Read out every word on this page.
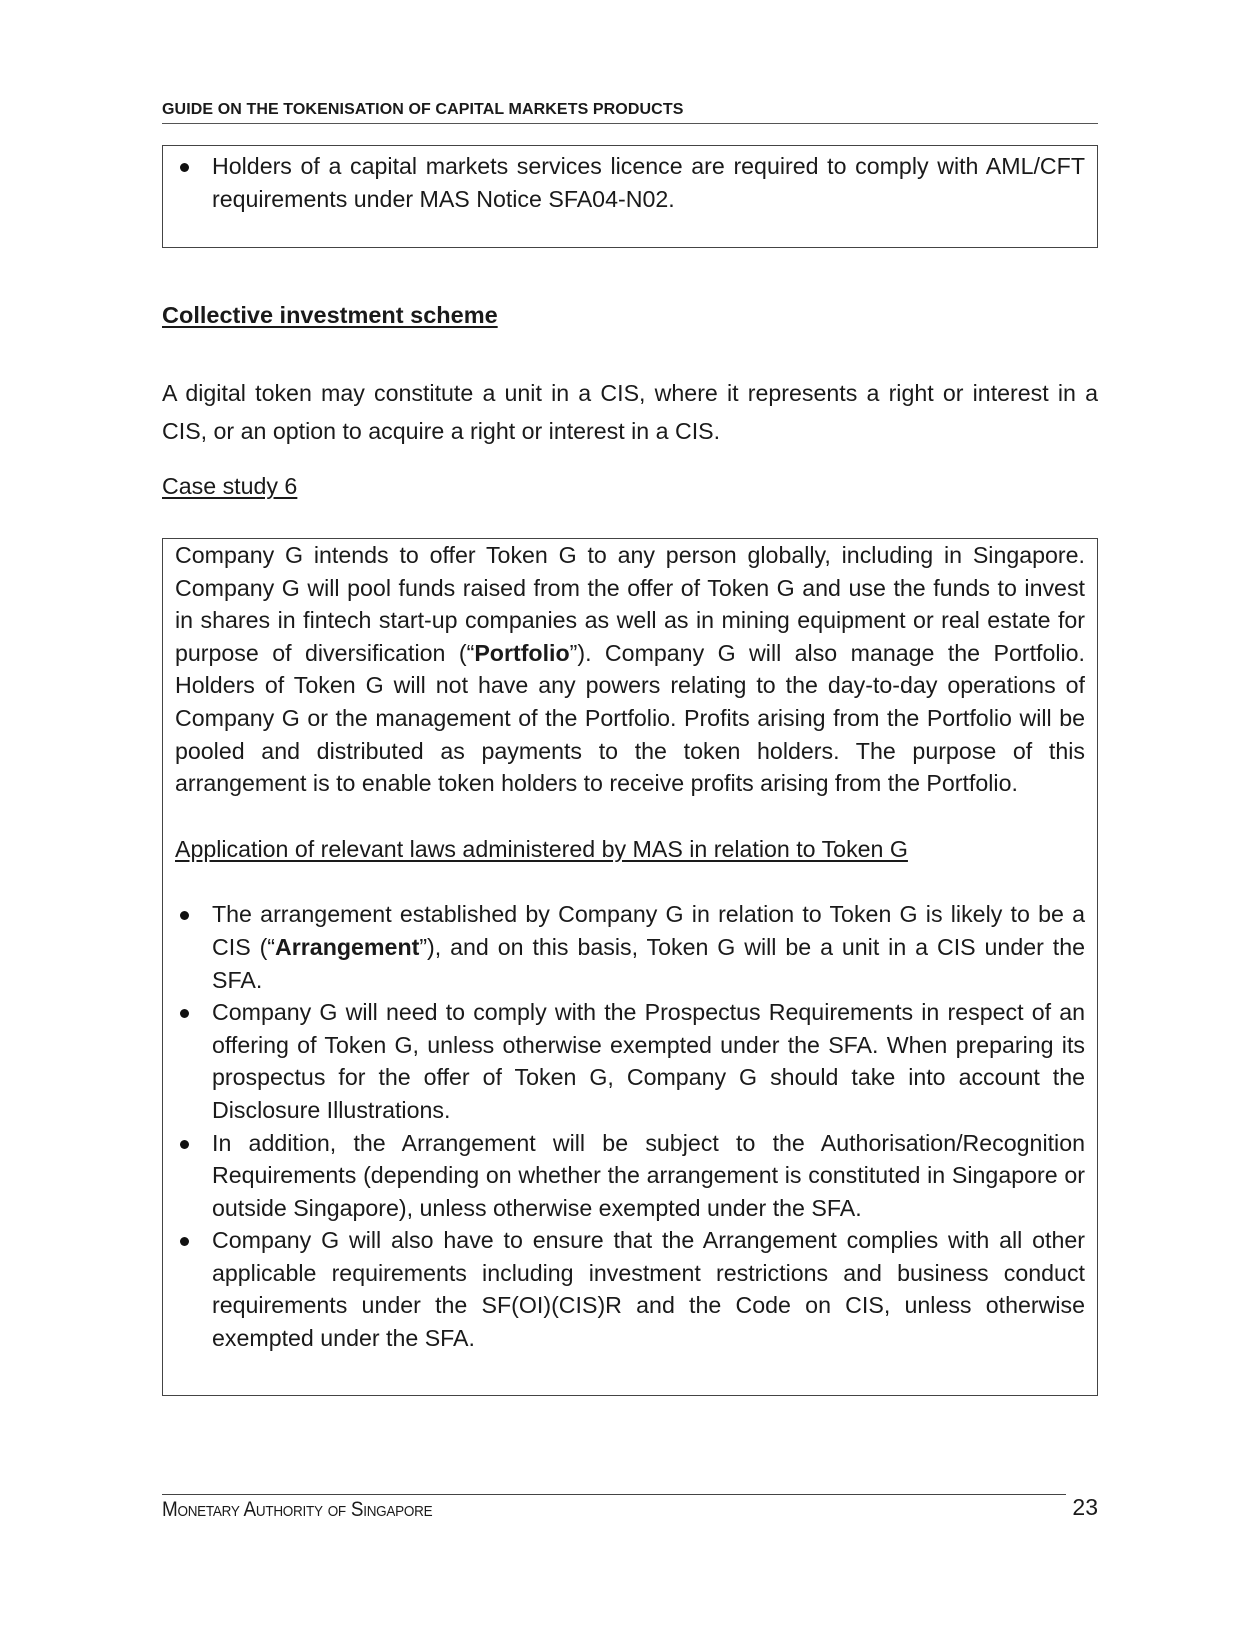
GUIDE ON THE TOKENISATION OF CAPITAL MARKETS PRODUCTS
Holders of a capital markets services licence are required to comply with AML/CFT requirements under MAS Notice SFA04-N02.
Collective investment scheme
A digital token may constitute a unit in a CIS, where it represents a right or interest in a CIS, or an option to acquire a right or interest in a CIS.
Case study 6

Company G intends to offer Token G to any person globally, including in Singapore. Company G will pool funds raised from the offer of Token G and use the funds to invest in shares in fintech start-up companies as well as in mining equipment or real estate for purpose of diversification (“Portfolio”). Company G will also manage the Portfolio. Holders of Token G will not have any powers relating to the day-to-day operations of Company G or the management of the Portfolio. Profits arising from the Portfolio will be pooled and distributed as payments to the token holders. The purpose of this arrangement is to enable token holders to receive profits arising from the Portfolio.

Application of relevant laws administered by MAS in relation to Token G

The arrangement established by Company G in relation to Token G is likely to be a CIS (“Arrangement”), and on this basis, Token G will be a unit in a CIS under the SFA.
Company G will need to comply with the Prospectus Requirements in respect of an offering of Token G, unless otherwise exempted under the SFA. When preparing its prospectus for the offer of Token G, Company G should take into account the Disclosure Illustrations.
In addition, the Arrangement will be subject to the Authorisation/Recognition Requirements (depending on whether the arrangement is constituted in Singapore or outside Singapore), unless otherwise exempted under the SFA.
Company G will also have to ensure that the Arrangement complies with all other applicable requirements including investment restrictions and business conduct requirements under the SF(OI)(CIS)R and the Code on CIS, unless otherwise exempted under the SFA.
Monetary Authority of Singapore	23
